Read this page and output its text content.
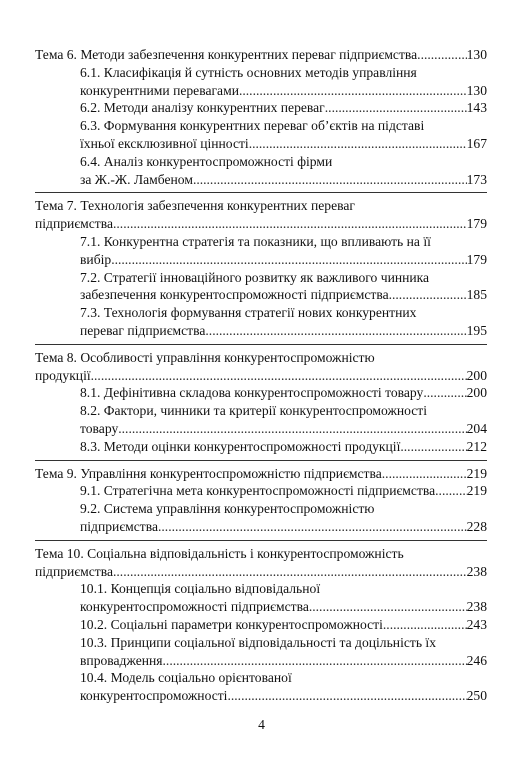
Тема 6. Методи забезпечення конкурентних переваг підприємства .....	130
6.1. Класифікація й сутність основних методів управління
конкурентними перевагами .....	130
6.2. Методи аналізу конкурентних переваг .....	143
6.3. Формування конкурентних переваг об’єктів на підставі
їхньої ексклюзивної цінності .....	167
6.4. Аналіз конкурентоспроможності фірми
за Ж.-Ж. Ламбеном .....	173
Тема 7. Технологія забезпечення конкурентних переваг
підприємства .....	179
7.1. Конкурентна стратегія та показники, що впливають на її
вибір .....	179
7.2. Стратегії інноваційного розвитку як важливого чинника
забезпечення конкурентоспроможності підприємства .....	185
7.3. Технологія формування стратегії нових конкурентних
переваг підприємства .....	195
Тема 8. Особливості управління конкурентоспроможністю
продукції .....	200
8.1. Дефінітивна складова конкурентоспроможності товару .....	200
8.2. Фактори, чинники та критерії конкурентоспроможності
товару .....	204
8.3. Методи оцінки конкурентоспроможності продукції .....	212
Тема 9. Управління конкурентоспроможністю підприємства .....	219
9.1. Стратегічна мета конкурентоспроможності підприємства ..... 219
9.2. Система управління конкурентоспроможністю
підприємства .....	228
Тема 10. Соціальна відповідальність і конкурентоспроможність
підприємства .....	238
10.1. Концепція соціально відповідальної
конкурентоспроможності підприємства .....	238
10.2. Соціальні параметри конкурентоспроможності .....	243
10.3. Принципи соціальної відповідальності та доцільність їх
впровадження .....	246
10.4. Модель соціально орієнтованої
конкурентоспроможності .....	250
4
